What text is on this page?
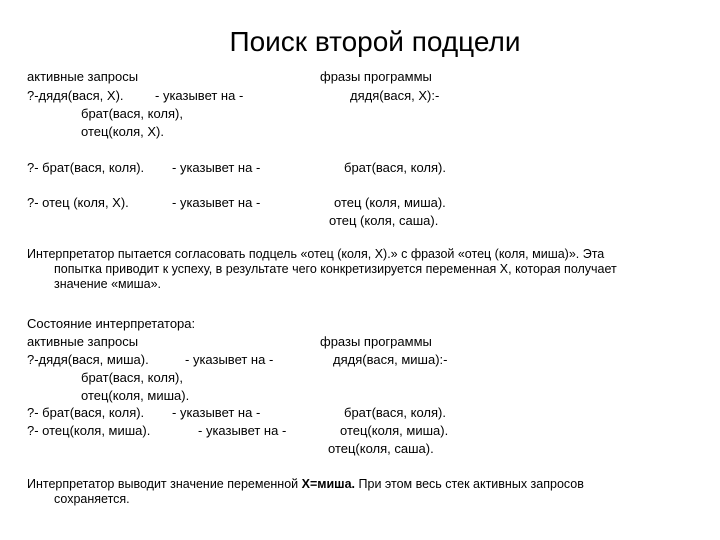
Поиск второй подцели
активные запросы	фразы программы
?-дядя(вася, X). - указывет на -	дядя(вася, X):-
брат(вася, коля),
отец(коля, X).
?- брат(вася, коля). - указывет на -	брат(вася, коля).
?- отец (коля, X).	- указывет на -	отец (коля, миша).
отец (коля, саша).
Интерпретатор пытается согласовать подцель «отец (коля, X).» с фразой «отец (коля, миша)». Эта
попытка приводит к успеху, в результате чего конкретизируется переменная X, которая получает
значение «миша».
Состояние интерпретатора:
активные запросы	фразы программы
?-дядя(вася, миша).	- указывет на -	дядя(вася, миша):-
брат(вася, коля),
отец(коля, миша).
?- брат(вася, коля). - указывет на -	брат(вася, коля).
?- отец(коля, миша).	- указывет на -	отец(коля, миша).
отец(коля, саша).
Интерпретатор выводит значение переменной X=миша. При этом весь стек активных запросов
сохраняется.
